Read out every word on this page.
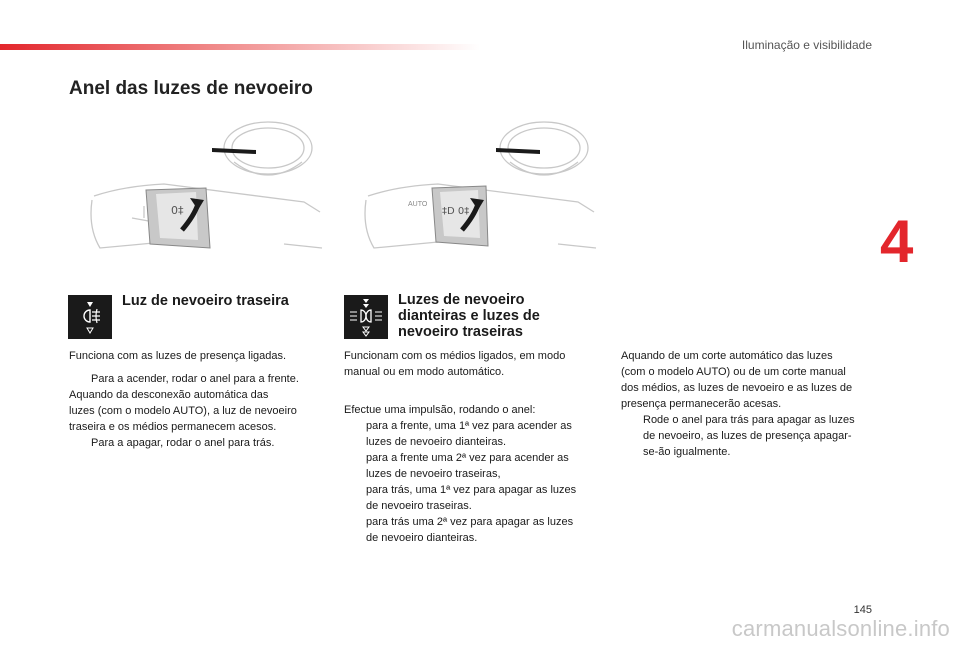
Iluminação e visibilidade
4
Anel das luzes de nevoeiro
0‡	AUTO
‡D 0‡
Luz de nevoeiro traseira	Luzes de nevoeiro
dianteiras e luzes de
nevoeiro traseiras

Funciona com as luzes de presença ligadas.

Para a acender, rodar o anel para a frente.

Aquando da desconexão automática das

luzes (com o modelo AUTO), a luz de nevoeiro

traseira e os médios permanecem acesos.

Para a apagar, rodar o anel para trás.

Funcionam com os médios ligados, em modo

manual ou em modo automático.

Efectue uma impulsão, rodando o anel:

para a frente, uma 1ª vez para acender as

luzes de nevoeiro dianteiras.

para a frente uma 2ª vez para acender as

luzes de nevoeiro traseiras,

para trás, uma 1ª vez para apagar as luzes

de nevoeiro traseiras.

para trás uma 2ª vez para apagar as luzes

de nevoeiro dianteiras.

Aquando de um corte automático das luzes

(com o modelo AUTO) ou de um corte manual

dos médios, as luzes de nevoeiro e as luzes de

presença permanecerão acesas.

Rode o anel para trás para apagar as luzes

de nevoeiro, as luzes de presença apagar-

se-ão igualmente.

145
carmanualsonline.info
